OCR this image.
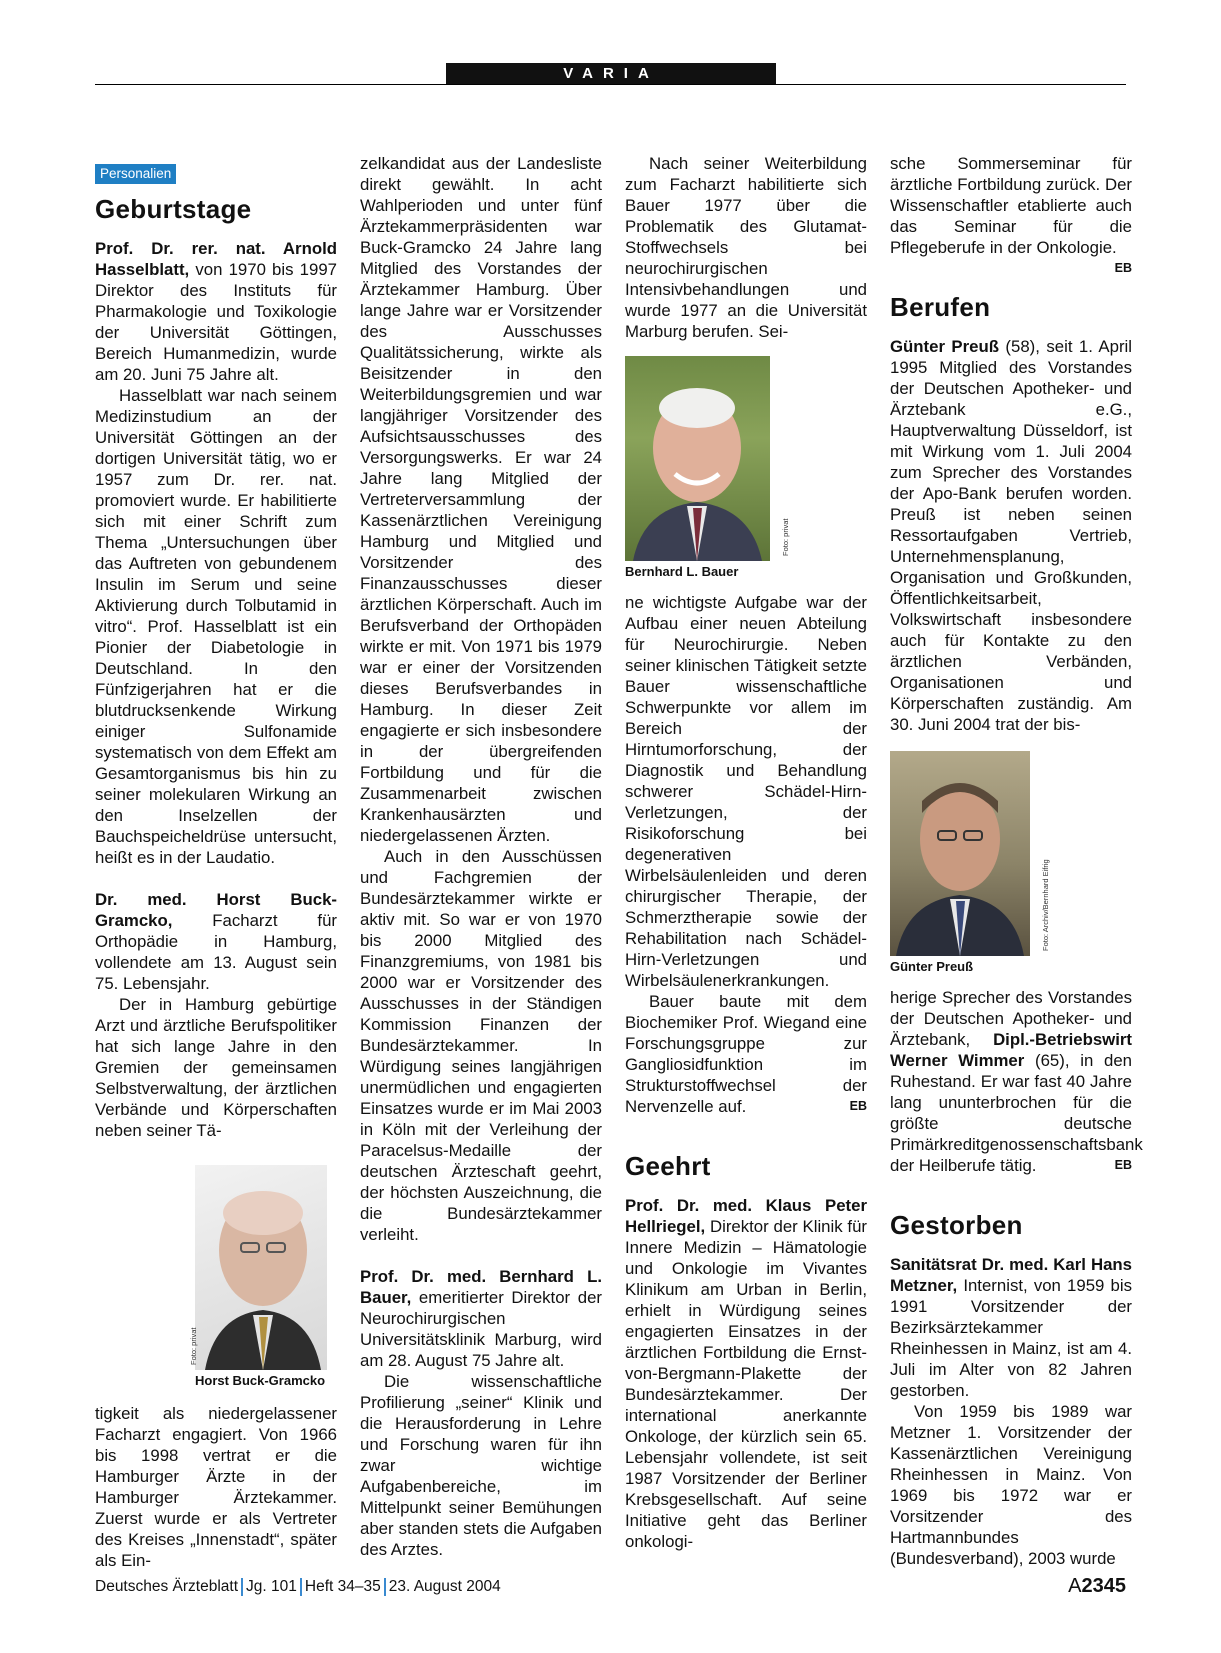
VARIA
Personalien
Geburtstage

Prof. Dr. rer. nat. Arnold Hasselblatt, von 1970 bis 1997 Direktor des Instituts für Pharmakologie und Toxikologie der Universität Göttingen, Bereich Humanmedizin, wurde am 20. Juni 75 Jahre alt.

Hasselblatt war nach seinem Medizinstudium an der Universität Göttingen an der dortigen Universität tätig, wo er 1957 zum Dr. rer. nat. promoviert wurde. Er habilitierte sich mit einer Schrift zum Thema „Untersuchungen über das Auftreten von gebundenem Insulin im Serum und seine Aktivierung durch Tolbutamid in vitro“. Prof. Hasselblatt ist ein Pionier der Diabetologie in Deutschland. In den Fünfzigerjahren hat er die blutdrucksenkende Wirkung einiger Sulfonamide systematisch von dem Effekt am Gesamtorganismus bis hin zu seiner molekularen Wirkung an den Inselzellen der Bauchspeicheldrüse untersucht, heißt es in der Laudatio.

Dr. med. Horst Buck-Gramcko, Facharzt für Orthopädie in Hamburg, vollendete am 13. August sein 75. Lebensjahr.

Der in Hamburg gebürtige Arzt und ärztliche Berufspolitiker hat sich lange Jahre in den Gremien der gemeinsamen Selbstverwaltung, der ärztlichen Verbände und Körperschaften neben seiner Tä-

Foto: privat
Horst Buck-Gramcko

tigkeit als niedergelassener Facharzt engagiert. Von 1966 bis 1998 vertrat er die Hamburger Ärzte in der Hamburger Ärztekammer. Zuerst wurde er als Vertreter des Kreises „Innenstadt“, später als Ein-

zelkandidat aus der Landesliste direkt gewählt. In acht Wahlperioden und unter fünf Ärztekammerpräsidenten war Buck-Gramcko 24 Jahre lang Mitglied des Vorstandes der Ärztekammer Hamburg. Über lange Jahre war er Vorsitzender des Ausschusses Qualitätssicherung, wirkte als Beisitzender in den Weiterbildungsgremien und war langjähriger Vorsitzender des Aufsichtsausschusses des Versorgungswerks. Er war 24 Jahre lang Mitglied der Vertreterversammlung der Kassenärztlichen Vereinigung Hamburg und Mitglied und Vorsitzender des Finanzausschusses dieser ärztlichen Körperschaft. Auch im Berufsverband der Orthopäden wirkte er mit. Von 1971 bis 1979 war er einer der Vorsitzenden dieses Berufsverbandes in Hamburg. In dieser Zeit engagierte er sich insbesondere in der übergreifenden Fortbildung und für die Zusammenarbeit zwischen Krankenhausärzten und niedergelassenen Ärzten.

Auch in den Ausschüssen und Fachgremien der Bundesärztekammer wirkte er aktiv mit. So war er von 1970 bis 2000 Mitglied des Finanzgremiums, von 1981 bis 2000 war er Vorsitzender des Ausschusses in der Ständigen Kommission Finanzen der Bundesärztekammer. In Würdigung seines langjährigen unermüdlichen und engagierten Einsatzes wurde er im Mai 2003 in Köln mit der Verleihung der Paracelsus-Medaille der deutschen Ärzteschaft geehrt, der höchsten Auszeichnung, die die Bundesärztekammer verleiht.

Prof. Dr. med. Bernhard L. Bauer, emeritierter Direktor der Neurochirurgischen Universitätsklinik Marburg, wird am 28. August 75 Jahre alt.

Die wissenschaftliche Profilierung „seiner“ Klinik und die Herausforderung in Lehre und Forschung waren für ihn zwar wichtige Aufgabenbereiche, im Mittelpunkt seiner Bemühungen aber standen stets die Aufgaben des Arztes.

Nach seiner Weiterbildung zum Facharzt habilitierte sich Bauer 1977 über die Problematik des Glutamat-Stoffwechsels bei neurochirurgischen Intensivbehandlungen und wurde 1977 an die Universität Marburg berufen. Sei-

Foto: privat
Bernhard L. Bauer

ne wichtigste Aufgabe war der Aufbau einer neuen Abteilung für Neurochirurgie. Neben seiner klinischen Tätigkeit setzte Bauer wissenschaftliche Schwerpunkte vor allem im Bereich der Hirntumorforschung, der Diagnostik und Behandlung schwerer Schädel-Hirn-Verletzungen, der Risikoforschung bei degenerativen Wirbelsäulenleiden und deren chirurgischer Therapie, der Schmerztherapie sowie der Rehabilitation nach Schädel-Hirn-Verletzungen und Wirbelsäulenerkrankungen.

Bauer baute mit dem Biochemiker Prof. Wiegand eine Forschungsgruppe zur Gangliosidfunktion im Strukturstoffwechsel der Nervenzelle auf.	EB

Geehrt

Prof. Dr. med. Klaus Peter Hellriegel, Direktor der Klinik für Innere Medizin – Hämatologie und Onkologie im Vivantes Klinikum am Urban in Berlin, erhielt in Würdigung seines engagierten Einsatzes in der ärztlichen Fortbildung die Ernst-von-Bergmann-Plakette der Bundesärztekammer. Der international anerkannte Onkologe, der kürzlich sein 65. Lebensjahr vollendete, ist seit 1987 Vorsitzender der Berliner Krebsgesellschaft. Auf seine Initiative geht das Berliner onkologi-

sche Sommerseminar für ärztliche Fortbildung zurück. Der Wissenschaftler etablierte auch das Seminar für die Pflegeberufe in der Onkologie.
EB

Berufen

Günter Preuß (58), seit 1. April 1995 Mitglied des Vorstandes der Deutschen Apotheker- und Ärztebank e.G., Hauptverwaltung Düsseldorf, ist mit Wirkung vom 1. Juli 2004 zum Sprecher des Vorstandes der Apo-Bank berufen worden. Preuß ist neben seinen Ressortaufgaben Vertrieb, Unternehmensplanung, Organisation und Großkunden, Öffentlichkeitsarbeit, Volkswirtschaft insbesondere auch für Kontakte zu den ärztlichen Verbänden, Organisationen und Körperschaften zuständig. Am 30. Juni 2004 trat der bis-

Foto: Archiv/Bernhard Eifrig
Günter Preuß

herige Sprecher des Vorstandes der Deutschen Apotheker- und Ärztebank, Dipl.-Betriebswirt Werner Wimmer (65), in den Ruhestand. Er war fast 40 Jahre lang ununterbrochen für die größte deutsche Primärkreditgenossenschaftsbank der Heilberufe tätig.	EB

Gestorben

Sanitätsrat Dr. med. Karl Hans Metzner, Internist, von 1959 bis 1991 Vorsitzender der Bezirksärztekammer Rheinhessen in Mainz, ist am 4. Juli im Alter von 82 Jahren gestorben.

Von 1959 bis 1989 war Metzner 1. Vorsitzender der Kassenärztlichen Vereinigung Rheinhessen in Mainz. Von 1969 bis 1972 war er Vorsitzender des Hartmannbundes (Bundesverband), 2003 wurde

Deutsches Ärzteblatt Jg. 101 Heft 34–35 23. August 2004	A2345
